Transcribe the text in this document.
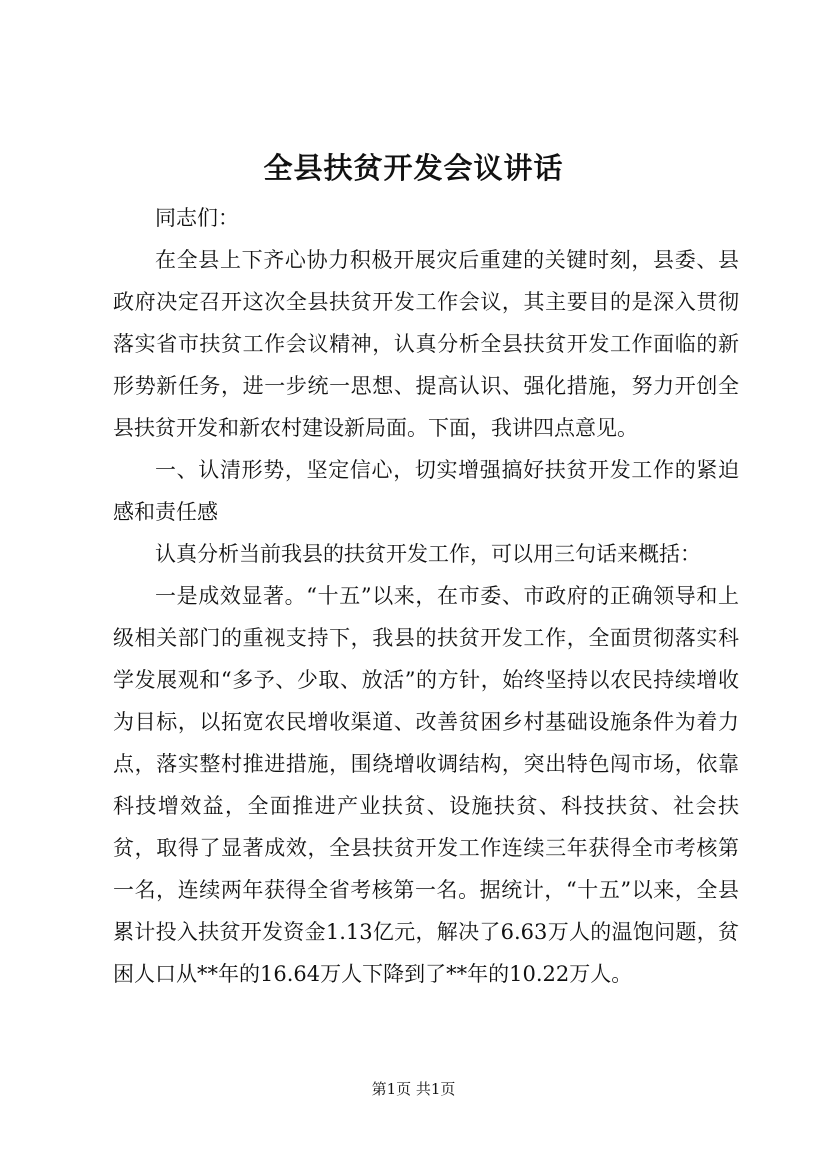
全县扶贫开发会议讲话

同志们：

在全县上下齐心协力积极开展灾后重建的关键时刻，县委、县政府决定召开这次全县扶贫开发工作会议，其主要目的是深入贯彻落实省市扶贫工作会议精神，认真分析全县扶贫开发工作面临的新形势新任务，进一步统一思想、提高认识、强化措施，努力开创全县扶贫开发和新农村建设新局面。下面，我讲四点意见。

一、认清形势，坚定信心，切实增强搞好扶贫开发工作的紧迫感和责任感

认真分析当前我县的扶贫开发工作，可以用三句话来概括：

一是成效显著。“十五”以来，在市委、市政府的正确领导和上级相关部门的重视支持下，我县的扶贫开发工作，全面贯彻落实科学发展观和“多予、少取、放活”的方针，始终坚持以农民持续增收为目标，以拓宽农民增收渠道、改善贫困乡村基础设施条件为着力点，落实整村推进措施，围绕增收调结构，突出特色闯市场，依靠科技增效益，全面推进产业扶贫、设施扶贫、科技扶贫、社会扶贫，取得了显著成效，全县扶贫开发工作连续三年获得全市考核第一名，连续两年获得全省考核第一名。据统计，“十五”以来，全县累计投入扶贫开发资金1.13亿元，解决了6.63万人的温饱问题，贫困人口从**年的16.64万人下降到了**年的10.22万人。

第1页 共1页
